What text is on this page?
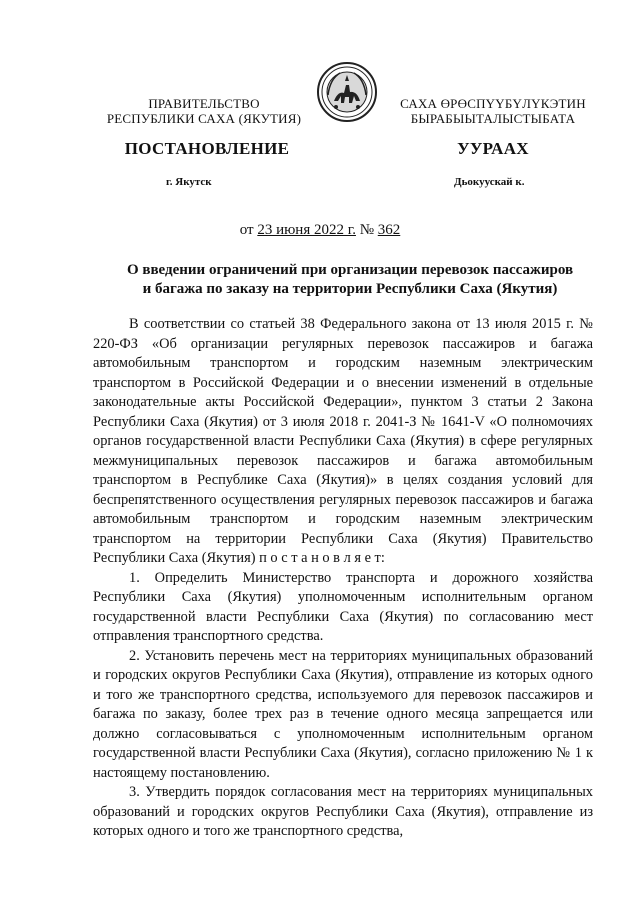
ПРАВИТЕЛЬСТВО
РЕСПУБЛИКИ САХА (ЯКУТИЯ)
САХА ӨРӨСПҮҮБҮЛҮКЭТИН
БЫРАБЫЫТАЛЫСТЫБАТА
ПОСТАНОВЛЕНИЕ	УУРААХ
г. Якутск	Дьокуускай к.
от 23 июня 2022 г. № 362
О введении ограничений при организации перевозок пассажиров
и багажа по заказу на территории Республики Саха (Якутия)

В соответствии со статьей 38 Федерального закона от 13 июля 2015 г. № 220-ФЗ «Об организации регулярных перевозок пассажиров и багажа автомобильным транспортом и городским наземным электрическим транспортом в Российской Федерации и о внесении изменений в отдельные законодательные акты Российской Федерации», пунктом 3 статьи 2 Закона Республики Саха (Якутия) от 3 июля 2018 г. 2041-З № 1641-V «О полномочиях органов государственной власти Республики Саха (Якутия) в сфере регулярных межмуниципальных перевозок пассажиров и багажа автомобильным транспортом в Республике Саха (Якутия)» в целях создания условий для беспрепятственного осуществления регулярных перевозок пассажиров и багажа автомобильным транспортом и городским наземным электрическим транспортом на территории Республики Саха (Якутия) Правительство Республики Саха (Якутия) п о с т а н о в л я е т:

1. Определить Министерство транспорта и дорожного хозяйства Республики Саха (Якутия) уполномоченным исполнительным органом государственной власти Республики Саха (Якутия) по согласованию мест отправления транспортного средства.

2. Установить перечень мест на территориях муниципальных образований и городских округов Республики Саха (Якутия), отправление из которых одного и того же транспортного средства, используемого для перевозок пассажиров и багажа по заказу, более трех раз в течение одного месяца запрещается или должно согласовываться с уполномоченным исполнительным органом государственной власти Республики Саха (Якутия), согласно приложению № 1 к настоящему постановлению.

3. Утвердить порядок согласования мест на территориях муниципальных образований и городских округов Республики Саха (Якутия), отправление из которых одного и того же транспортного средства,
